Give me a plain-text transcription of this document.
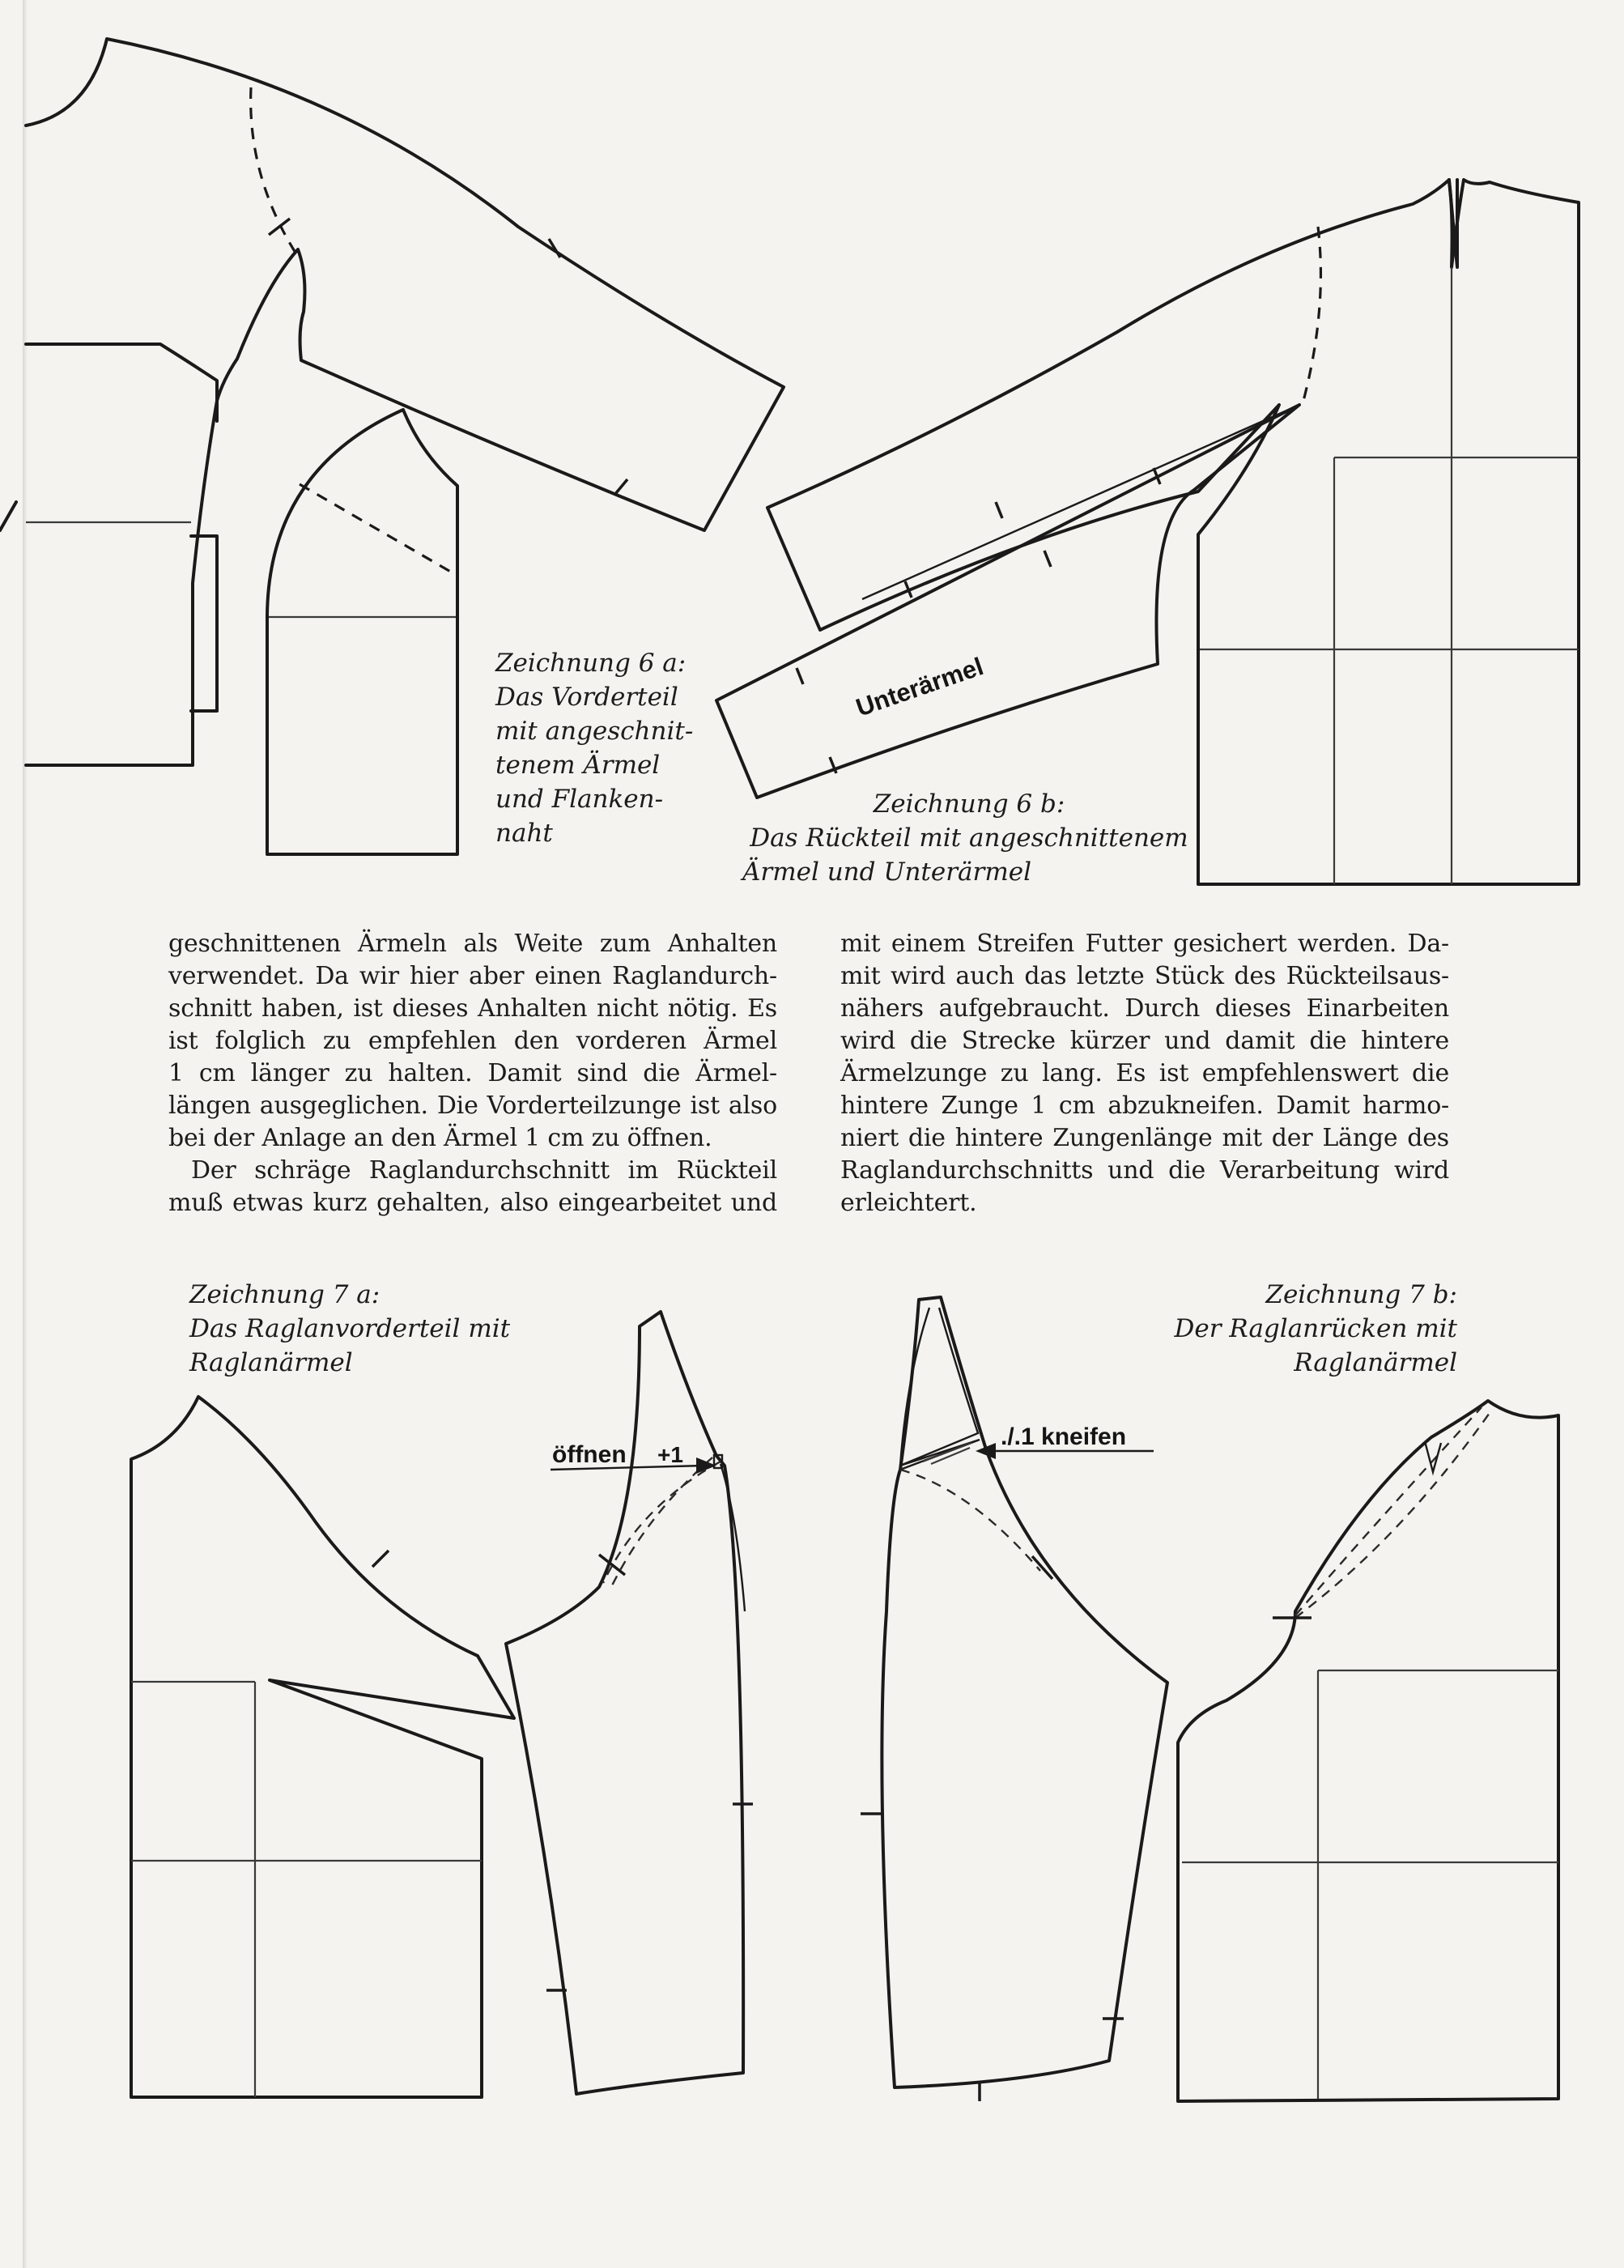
Unterärmel
öffnen +1
./.1 kneifen
Zeichnung 6 a:
Das Vorderteil
mit angeschnit-
tenem Ärmel
und Flanken-
naht
Zeichnung 6 b:
Das Rückteil mit angeschnittenem
Ärmel und Unterärmel
Zeichnung 7 a:
Das Raglanvorderteil mit
Raglanärmel
Zeichnung 7 b:
Der Raglanrücken mit
Raglanärmel
geschnittenen Ärmeln als Weite zum Anhalten
verwendet. Da wir hier aber einen Raglandurch-
schnitt haben, ist dieses Anhalten nicht nötig. Es
ist folglich zu empfehlen den vorderen Ärmel
1 cm länger zu halten. Damit sind die Ärmel-
längen ausgeglichen. Die Vorderteilzunge ist also
bei der Anlage an den Ärmel 1 cm zu öffnen.
Der schräge Raglandurchschnitt im Rückteil
muß etwas kurz gehalten, also eingearbeitet und
mit einem Streifen Futter gesichert werden. Da-
mit wird auch das letzte Stück des Rückteilsaus-
nähers aufgebraucht. Durch dieses Einarbeiten
wird die Strecke kürzer und damit die hintere
Ärmelzunge zu lang. Es ist empfehlenswert die
hintere Zunge 1 cm abzukneifen. Damit harmo-
niert die hintere Zungenlänge mit der Länge des
Raglandurchschnitts und die Verarbeitung wird
erleichtert.
